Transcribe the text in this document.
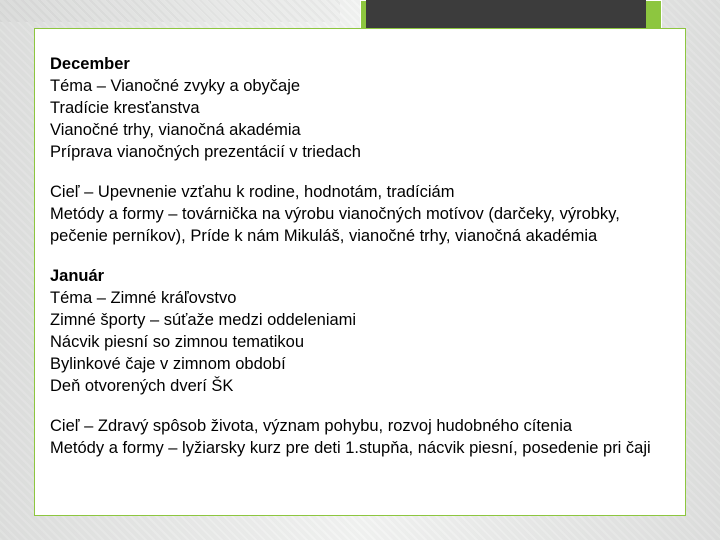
December

Téma – Vianočné zvyky a obyčaje

Tradície kresťanstva

Vianočné trhy, vianočná akadémia

Príprava vianočných prezentácií v triedach

Cieľ – Upevnenie vzťahu k rodine, hodnotám, tradíciám

Metódy a formy – továrnička na výrobu vianočných motívov (darčeky, výrobky, pečenie perníkov), Príde k nám Mikuláš, vianočné trhy, vianočná akadémia

Január

Téma – Zimné kráľovstvo

Zimné športy – súťaže medzi oddeleniami

Nácvik piesní so zimnou tematikou

Bylinkové čaje v zimnom období

Deň otvorených dverí ŠK

Cieľ – Zdravý spôsob života, význam pohybu, rozvoj hudobného cítenia

Metódy a formy – lyžiarsky kurz pre deti 1.stupňa, nácvik piesní, posedenie pri čaji
